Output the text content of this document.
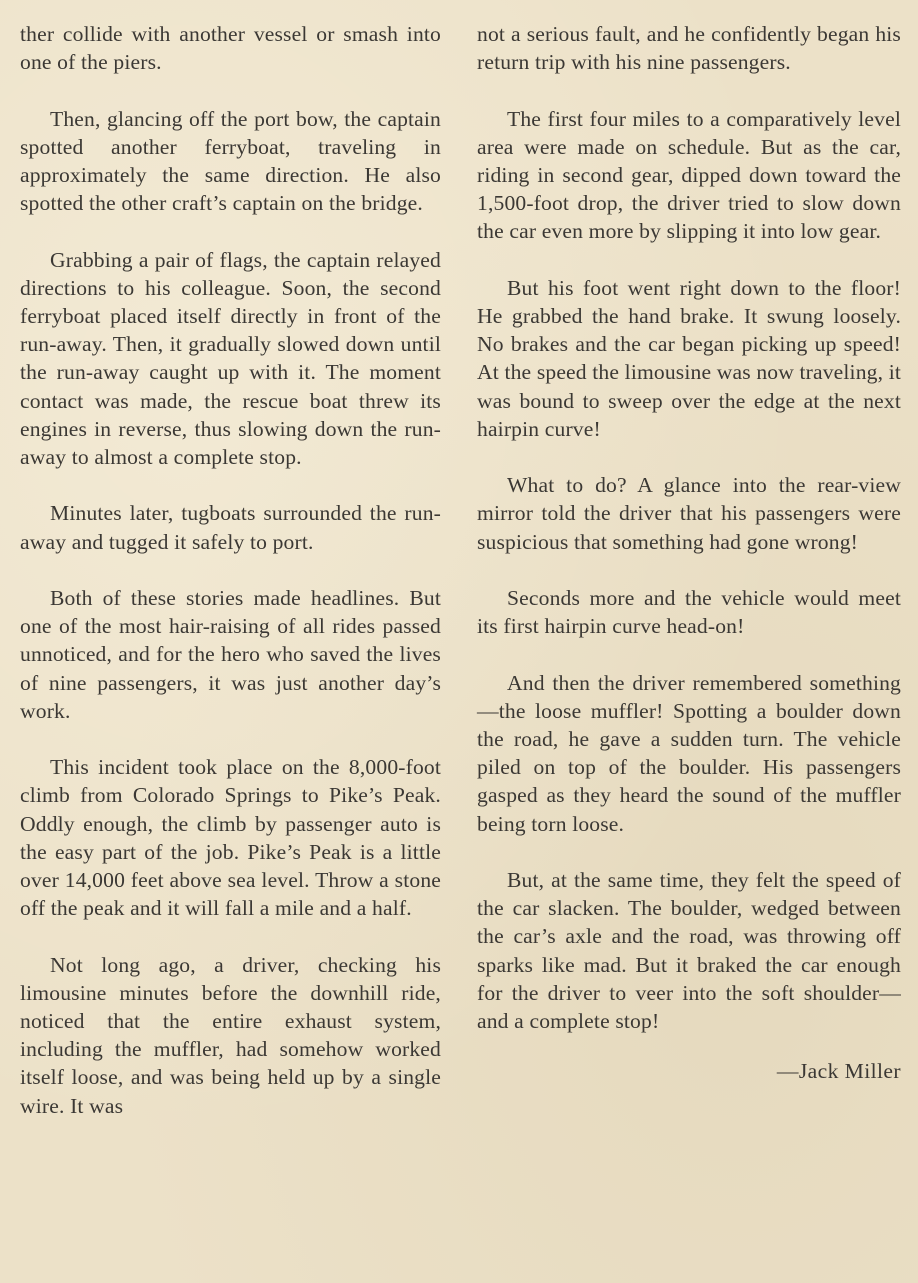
ther collide with another vessel or smash into one of the piers.

Then, glancing off the port bow, the captain spotted another ferryboat, traveling in approximately the same direction. He also spotted the other craft’s captain on the bridge.

Grabbing a pair of flags, the captain relayed directions to his colleague. Soon, the second ferryboat placed itself directly in front of the run-away. Then, it gradually slowed down until the run-away caught up with it. The moment contact was made, the rescue boat threw its engines in reverse, thus slowing down the run-away to almost a complete stop.

Minutes later, tugboats surrounded the run-away and tugged it safely to port.

Both of these stories made headlines. But one of the most hair-raising of all rides passed unnoticed, and for the hero who saved the lives of nine passengers, it was just another day’s work.

This incident took place on the 8,000-foot climb from Colorado Springs to Pike’s Peak. Oddly enough, the climb by passenger auto is the easy part of the job. Pike’s Peak is a little over 14,000 feet above sea level. Throw a stone off the peak and it will fall a mile and a half.

Not long ago, a driver, checking his limousine minutes before the downhill ride, noticed that the entire exhaust system, including the muffler, had somehow worked itself loose, and was being held up by a single wire. It was

not a serious fault, and he confidently began his return trip with his nine passengers.

The first four miles to a comparatively level area were made on schedule. But as the car, riding in second gear, dipped down toward the 1,500-foot drop, the driver tried to slow down the car even more by slipping it into low gear.

But his foot went right down to the floor! He grabbed the hand brake. It swung loosely. No brakes and the car began picking up speed! At the speed the limousine was now traveling, it was bound to sweep over the edge at the next hairpin curve!

What to do? A glance into the rear-view mirror told the driver that his passengers were suspicious that something had gone wrong!

Seconds more and the vehicle would meet its first hairpin curve head-on!

And then the driver remembered something—the loose muffler! Spotting a boulder down the road, he gave a sudden turn. The vehicle piled on top of the boulder. His passengers gasped as they heard the sound of the muffler being torn loose.

But, at the same time, they felt the speed of the car slacken. The boulder, wedged between the car’s axle and the road, was throwing off sparks like mad. But it braked the car enough for the driver to veer into the soft shoulder—and a complete stop!

—Jack Miller
